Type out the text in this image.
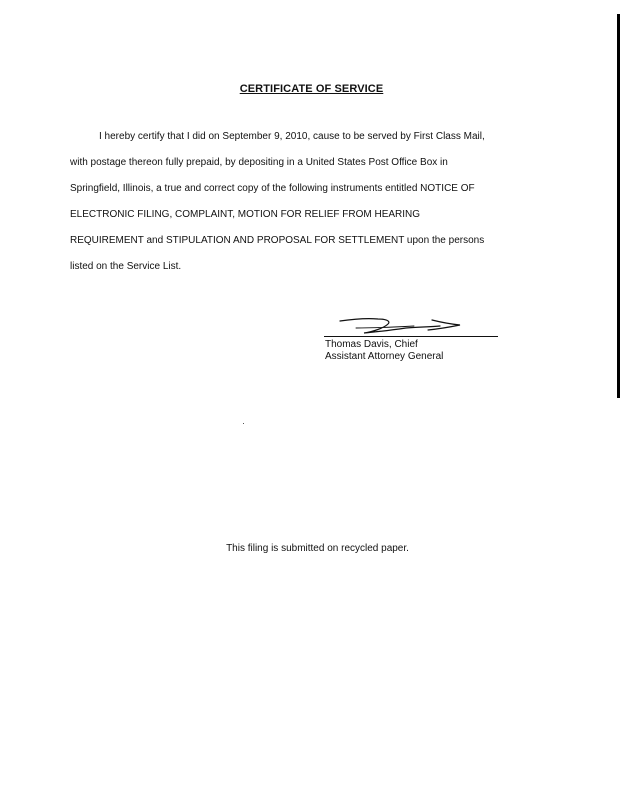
CERTIFICATE OF SERVICE

I hereby certify that I did on September 9, 2010, cause to be served by First Class Mail,
with postage thereon fully prepaid, by depositing in a United States Post Office Box in
Springfield, Illinois, a true and correct copy of the following instruments entitled NOTICE OF
ELECTRONIC FILING, COMPLAINT, MOTION FOR RELIEF FROM HEARING
REQUIREMENT and STIPULATION AND PROPOSAL FOR SETTLEMENT upon the persons
listed on the Service List.

Thomas Davis, Chief
Assistant Attorney General

This filing is submitted on recycled paper.
